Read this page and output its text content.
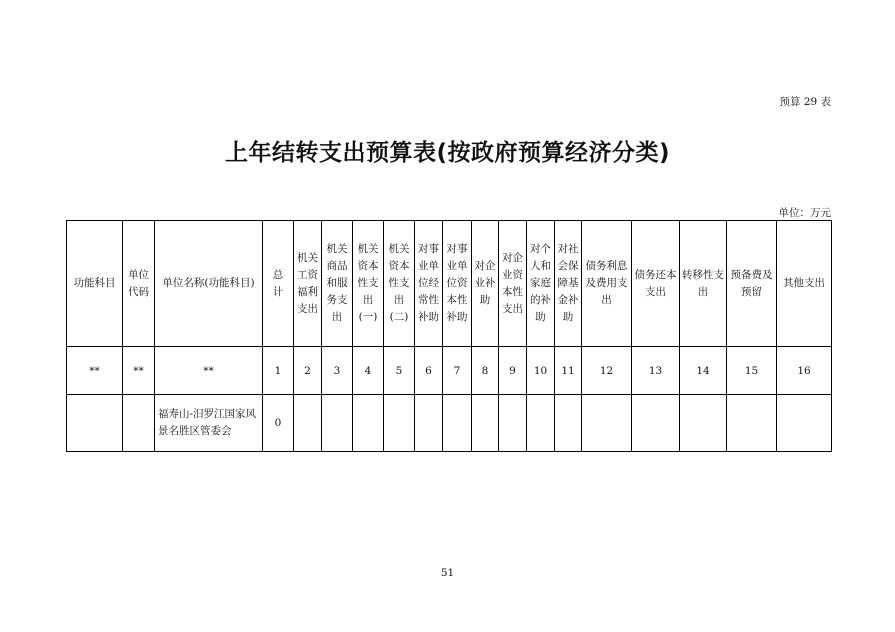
预算 29 表
上年结转支出预算表(按政府预算经济分类)
单位：万元
功能科目	单位代码	单位名称(功能科目)	总计	机关工资福利支出	机关商品和服务支出	机关资本性支出(一)	机关资本性支出(二)	对事业单位经常性补助	对事业单位资本性补助	对企业补助	对企业资本性支出	对个人和家庭的补助	对社会保障基金补助	债务利息及费用支出	债务还本支出	转移性支出	预备费及预留	其他支出
**	**	**	1	2	3	4	5	6	7	8	9	10	11	12	13	14	15	16
		福寿山-汨罗江国家风景名胜区管委会	0															
51
